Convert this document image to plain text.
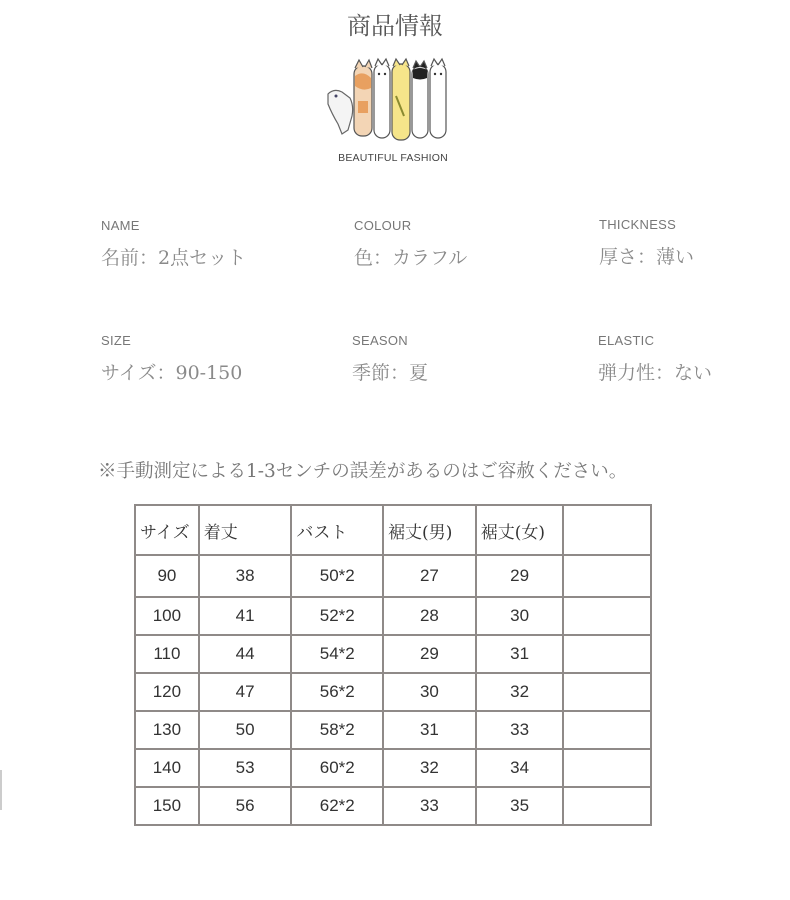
商品情報
BEAUTIFUL FASHION
NAME
名前：2点セット
COLOUR
色：カラフル
THICKNESS
厚さ：薄い
SIZE
サイズ：90-150
SEASON
季節：夏
ELASTIC
弾力性：ない
※手動測定による1-3センチの誤差があるのはご容赦ください。
サイズ	着丈	バスト	裾丈(男)	裾丈(女)	
90	38	50*2	27	29	
100	41	52*2	28	30	
110	44	54*2	29	31	
120	47	56*2	30	32	
130	50	58*2	31	33	
140	53	60*2	32	34	
150	56	62*2	33	35	
